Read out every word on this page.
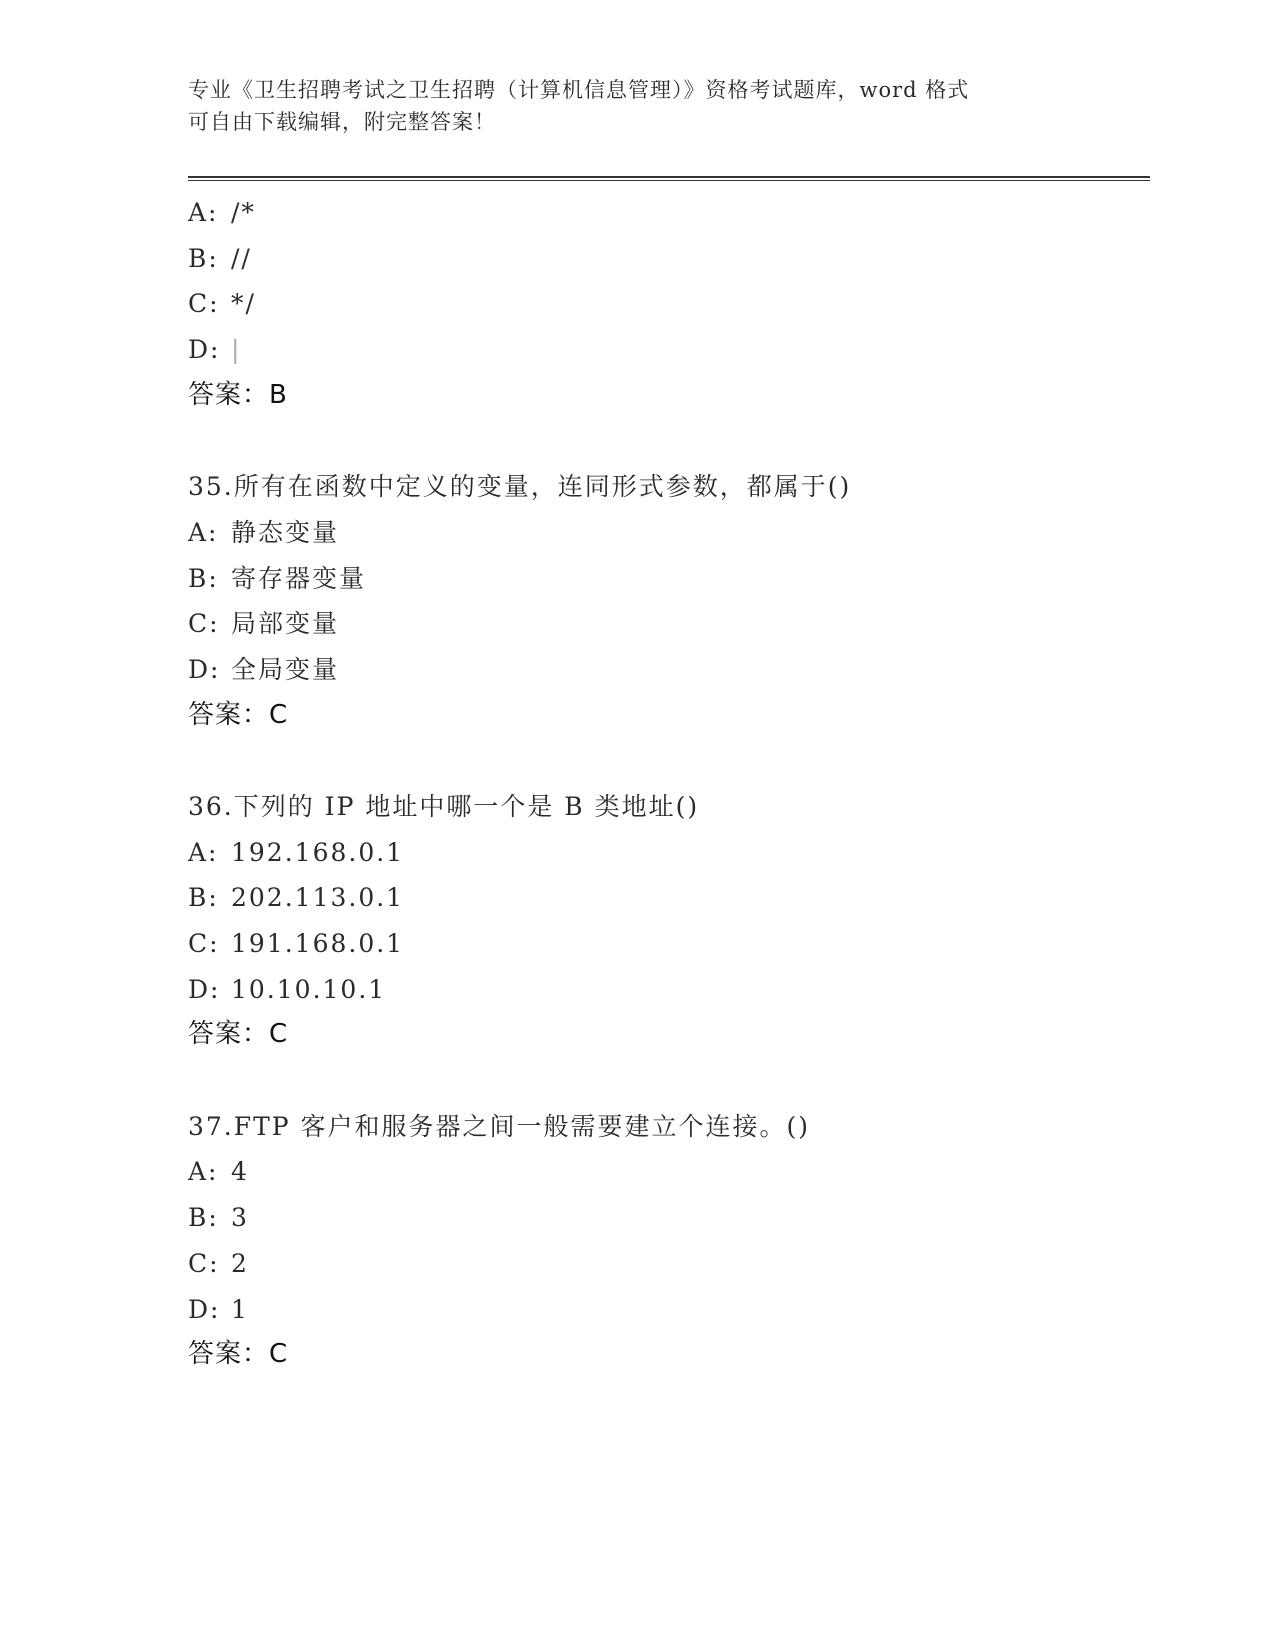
专业《卫生招聘考试之卫生招聘（计算机信息管理）》资格考试题库，word 格式
可自由下载编辑，附完整答案！
A: /*
B: //
C: */
D: |
答案：B
35.所有在函数中定义的变量，连同形式参数，都属于()
A: 静态变量
B: 寄存器变量
C: 局部变量
D: 全局变量
答案：C
36.下列的 IP 地址中哪一个是 B 类地址()
A: 192.168.0.1
B: 202.113.0.1
C: 191.168.0.1
D: 10.10.10.1
答案：C
37.FTP 客户和服务器之间一般需要建立个连接。()
A: 4
B: 3
C: 2
D: 1
答案：C
